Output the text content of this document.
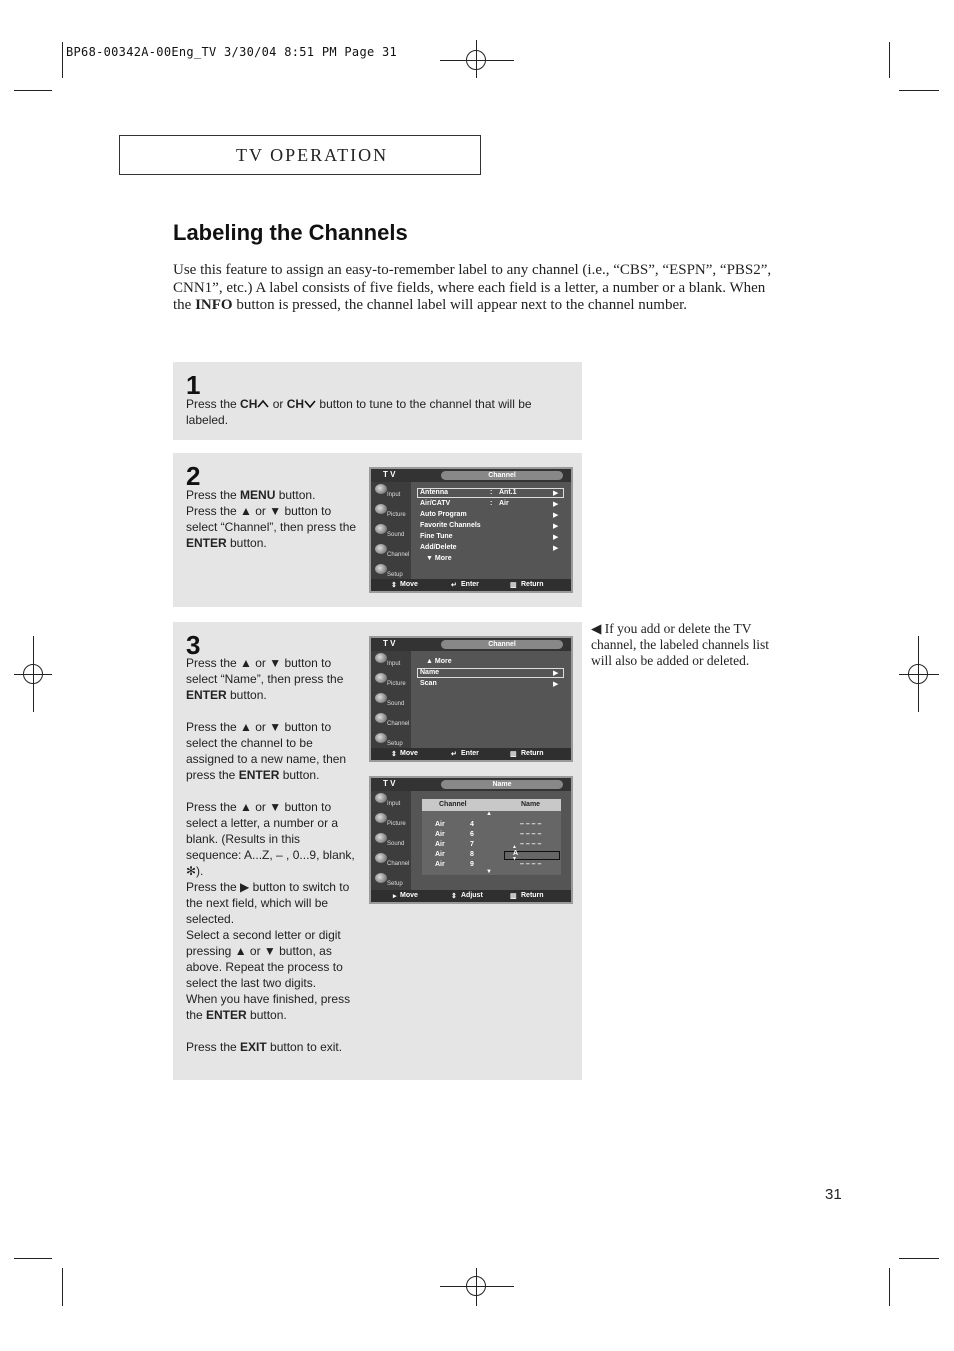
BP68-00342A-00Eng_TV 3/30/04 8:51 PM Page 31
TV OPERATION
Labeling the Channels
Use this feature to assign an easy-to-remember label to any channel (i.e., “CBS”, “ESPN”, “PBS2”, CNN1”, etc.) A label consists of five fields, where each field is a letter, a number or a blank. When the INFO button is pressed, the channel label will appear next to the channel number.
1
Press the CH or CH button to tune to the channel that will be labeled.
2
Press the MENU button.
Press the ▲ or ▼ button to select “Channel”, then press the ENTER button.
T V	Channel
Input
Picture
Sound
Channel
Setup
Antenna	: Ant.1
Air/CATV	: Air
Auto Program
Favorite Channels
Fine Tune
Add/Delete
▼ More
▶
▶
▶
▶
▶
▶
⇕ Move	↵ Enter	▥ Return
3
Press the ▲ or ▼ button to select “Name”, then press the ENTER button.
Press the ▲ or ▼ button to select the channel to be assigned to a new name, then press the ENTER button.
Press the ▲ or ▼ button to select a letter, a number or a blank. (Results in this sequence: A...Z, – , 0...9, blank, ✻).
Press the ▶ button to switch to the next field, which will be selected.
Select a second letter or digit pressing ▲ or ▼ button, as above. Repeat the process to select the last two digits.
When you have finished, press the ENTER button.
Press the EXIT button to exit.
T V	Channel
Input
Picture
Sound
Channel
Setup
▲ More
Name
Scan
▶
▶
⇕ Move	↵ Enter	▥ Return
T V	Name
Input
Picture
Sound
Channel
Setup
Channel	Name
▲
Air	4	– – – –
Air	6	– – – –
Air	7	– – – –
Air	8	A
▲
▼
Air	9	– – – –
▼
▸ Move	⇕ Adjust	▥ Return
◀ If you add or delete the TV channel, the labeled channels list will also be added or deleted.
31
